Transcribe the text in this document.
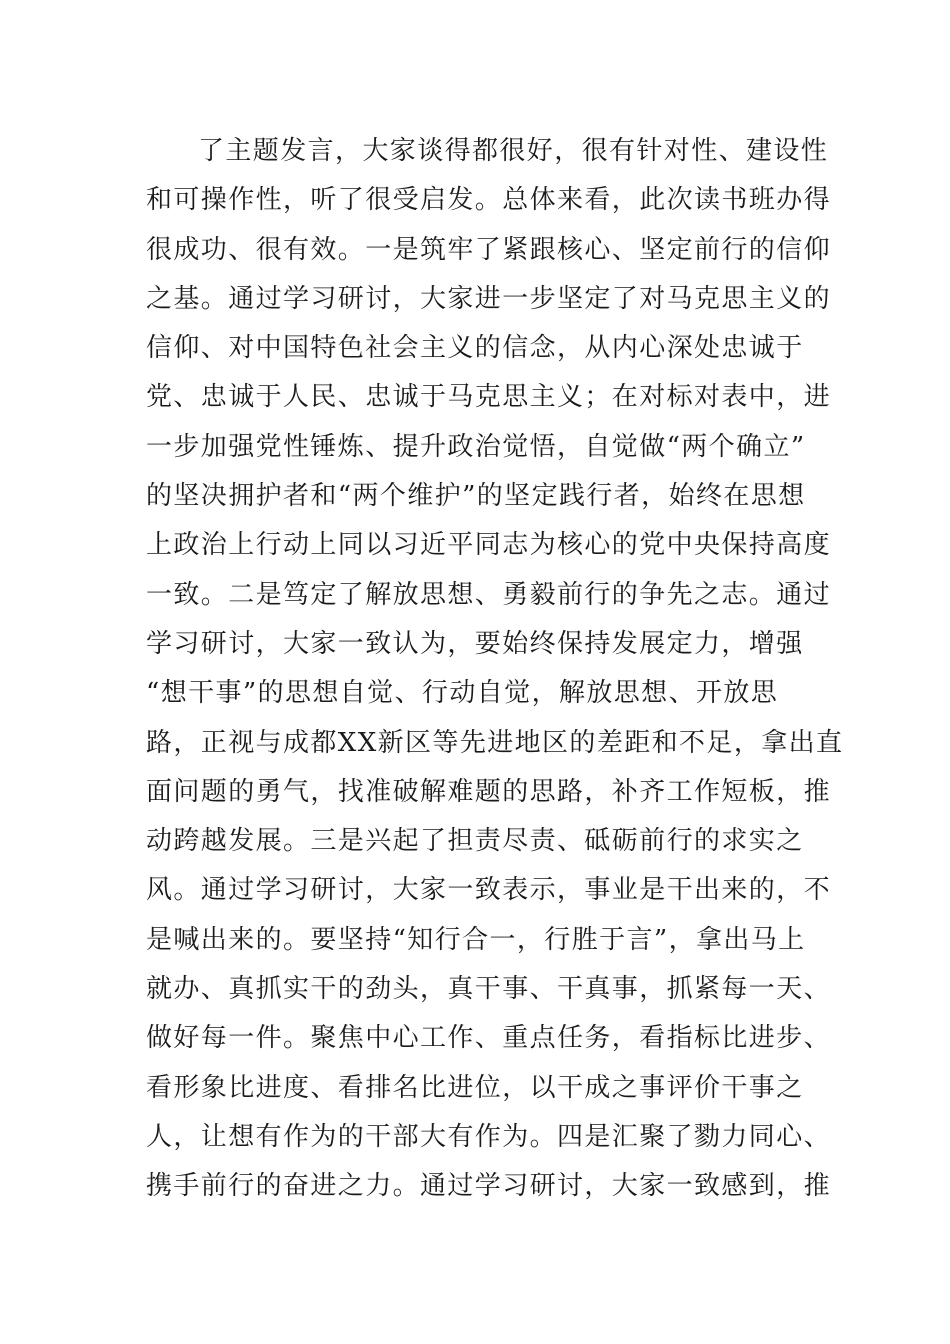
了主题发言，大家谈得都很好，很有针对性、建设性
和可操作性，听了很受启发。总体来看，此次读书班办得
很成功、很有效。一是筑牢了紧跟核心、坚定前行的信仰
之基。通过学习研讨，大家进一步坚定了对马克思主义的
信仰、对中国特色社会主义的信念，从内心深处忠诚于
党、忠诚于人民、忠诚于马克思主义；在对标对表中，进
一步加强党性锤炼、提升政治觉悟，自觉做“两个确立”
的坚决拥护者和“两个维护”的坚定践行者，始终在思想
上政治上行动上同以习近平同志为核心的党中央保持高度
一致。二是笃定了解放思想、勇毅前行的争先之志。通过
学习研讨，大家一致认为，要始终保持发展定力，增强
“想干事”的思想自觉、行动自觉，解放思想、开放思
路，正视与成都XX新区等先进地区的差距和不足，拿出直
面问题的勇气，找准破解难题的思路，补齐工作短板，推
动跨越发展。三是兴起了担责尽责、砥砺前行的求实之
风。通过学习研讨，大家一致表示，事业是干出来的，不
是喊出来的。要坚持“知行合一，行胜于言”，拿出马上
就办、真抓实干的劲头，真干事、干真事，抓紧每一天、
做好每一件。聚焦中心工作、重点任务，看指标比进步、
看形象比进度、看排名比进位，以干成之事评价干事之
人，让想有作为的干部大有作为。四是汇聚了勠力同心、
携手前行的奋进之力。通过学习研讨，大家一致感到，推
